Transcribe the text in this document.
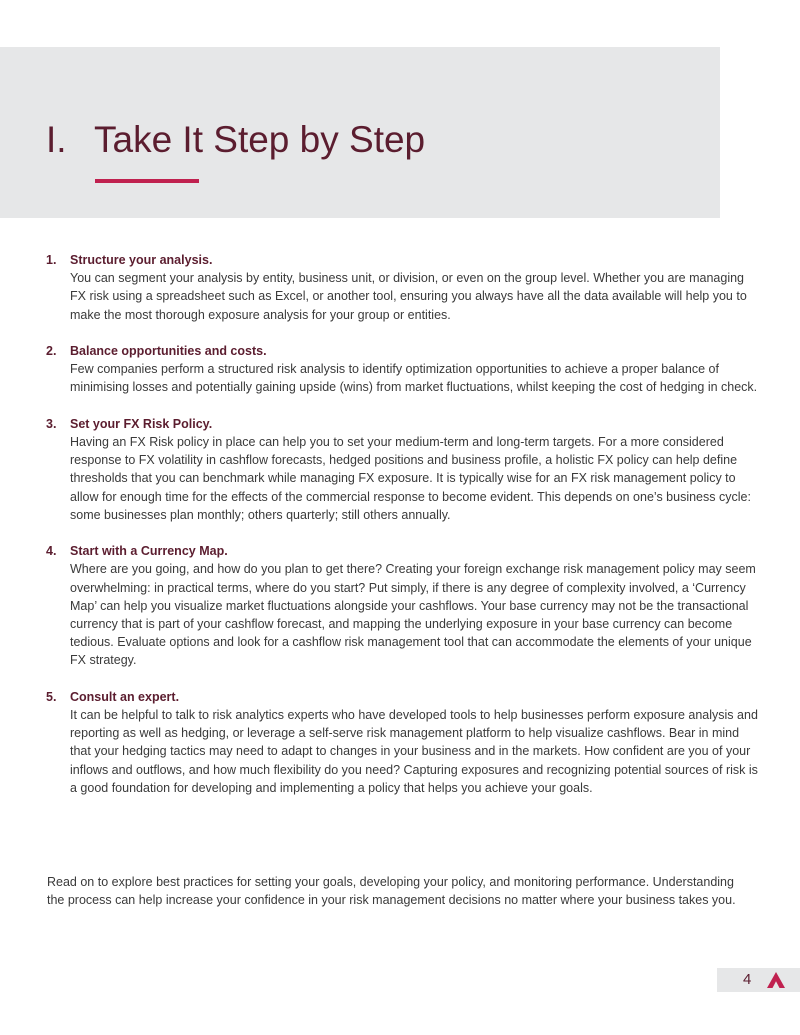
I. Take It Step by Step
1. Structure your analysis.
You can segment your analysis by entity, business unit, or division, or even on the group level. Whether you are managing FX risk using a spreadsheet such as Excel, or another tool, ensuring you always have all the data available will help you to make the most thorough exposure analysis for your group or entities.
2. Balance opportunities and costs.
Few companies perform a structured risk analysis to identify optimization opportunities to achieve a proper balance of minimising losses and potentially gaining upside (wins) from market fluctuations, whilst keeping the cost of hedging in check.
3. Set your FX Risk Policy.
Having an FX Risk policy in place can help you to set your medium-term and long-term targets. For a more considered response to FX volatility in cashflow forecasts, hedged positions and business profile, a holistic FX policy can help define thresholds that you can benchmark while managing FX exposure. It is typically wise for an FX risk management policy to allow for enough time for the effects of the commercial response to become evident. This depends on one’s business cycle: some businesses plan monthly; others quarterly; still others annually.
4. Start with a Currency Map.
Where are you going, and how do you plan to get there? Creating your foreign exchange risk management policy may seem overwhelming: in practical terms, where do you start? Put simply, if there is any degree of complexity involved, a ‘Currency Map’ can help you visualize market fluctuations alongside your cashflows. Your base currency may not be the transactional currency that is part of your cashflow forecast, and mapping the underlying exposure in your base currency can become tedious. Evaluate options and look for a cashflow risk management tool that can accommodate the elements of your unique FX strategy.
5. Consult an expert.
It can be helpful to talk to risk analytics experts who have developed tools to help businesses perform exposure analysis and reporting as well as hedging, or leverage a self-serve risk management platform to help visualize cashflows. Bear in mind that your hedging tactics may need to adapt to changes in your business and in the markets. How confident are you of your inflows and outflows, and how much flexibility do you need? Capturing exposures and recognizing potential sources of risk is a good foundation for developing and implementing a policy that helps you achieve your goals.

Read on to explore best practices for setting your goals, developing your policy, and monitoring performance. Understanding the process can help increase your confidence in your risk management decisions no matter where your business takes you.

4
